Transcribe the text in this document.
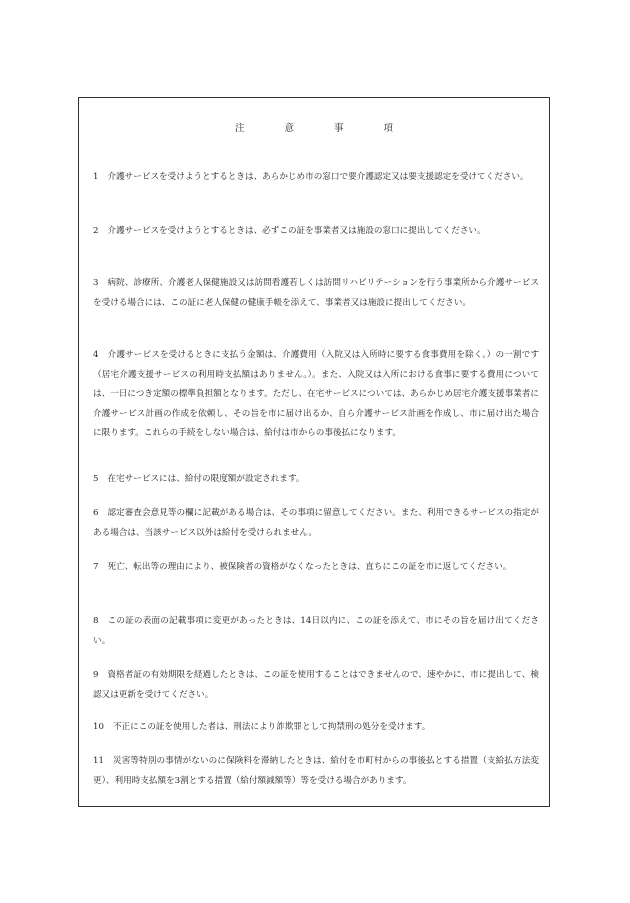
注	意	事	項
1 介護サービスを受けようとするときは、あらかじめ市の窓口で要介護認定又は要支援認定を受けてください。
2 介護サービスを受けようとするときは、必ずこの証を事業者又は施設の窓口に提出してください。
3 病院、診療所、介護老人保健施設又は訪問看護若しくは訪問リハビリテーションを行う事業所から介護サービスを受ける場合には、この証に老人保健の健康手帳を添えて、事業者又は施設に提出してください。
4 介護サービスを受けるときに支払う金額は、介護費用（入院又は入所時に要する食事費用を除く。）の一割です（居宅介護支援サービスの利用時支払額はありません。）。また、入院又は入所における食事に要する費用については、一日につき定額の標準負担額となります。ただし、在宅サービスについては、あらかじめ居宅介護支援事業者に介護サービス計画の作成を依頼し、その旨を市に届け出るか、自ら介護サービス計画を作成し、市に届け出た場合に限ります。これらの手続をしない場合は、給付は市からの事後払になります。
5 在宅サービスには、給付の限度額が設定されます。
6 認定審査会意見等の欄に記載がある場合は、その事項に留意してください。また、利用できるサービスの指定がある場合は、当該サービス以外は給付を受けられません。
7 死亡、転出等の理由により、被保険者の資格がなくなったときは、直ちにこの証を市に返してください。
8 この証の表面の記載事項に変更があったときは、14日以内に、この証を添えて、市にその旨を届け出てください。
9 資格者証の有効期限を経過したときは、この証を使用することはできませんので、速やかに、市に提出して、検認又は更新を受けてください。
10 不正にこの証を使用した者は、刑法により詐欺罪として拘禁刑の処分を受けます。
11 災害等特別の事情がないのに保険料を滞納したときは、給付を市町村からの事後払とする措置（支給払方法変更）、利用時支払額を3割とする措置（給付額減額等）等を受ける場合があります。
